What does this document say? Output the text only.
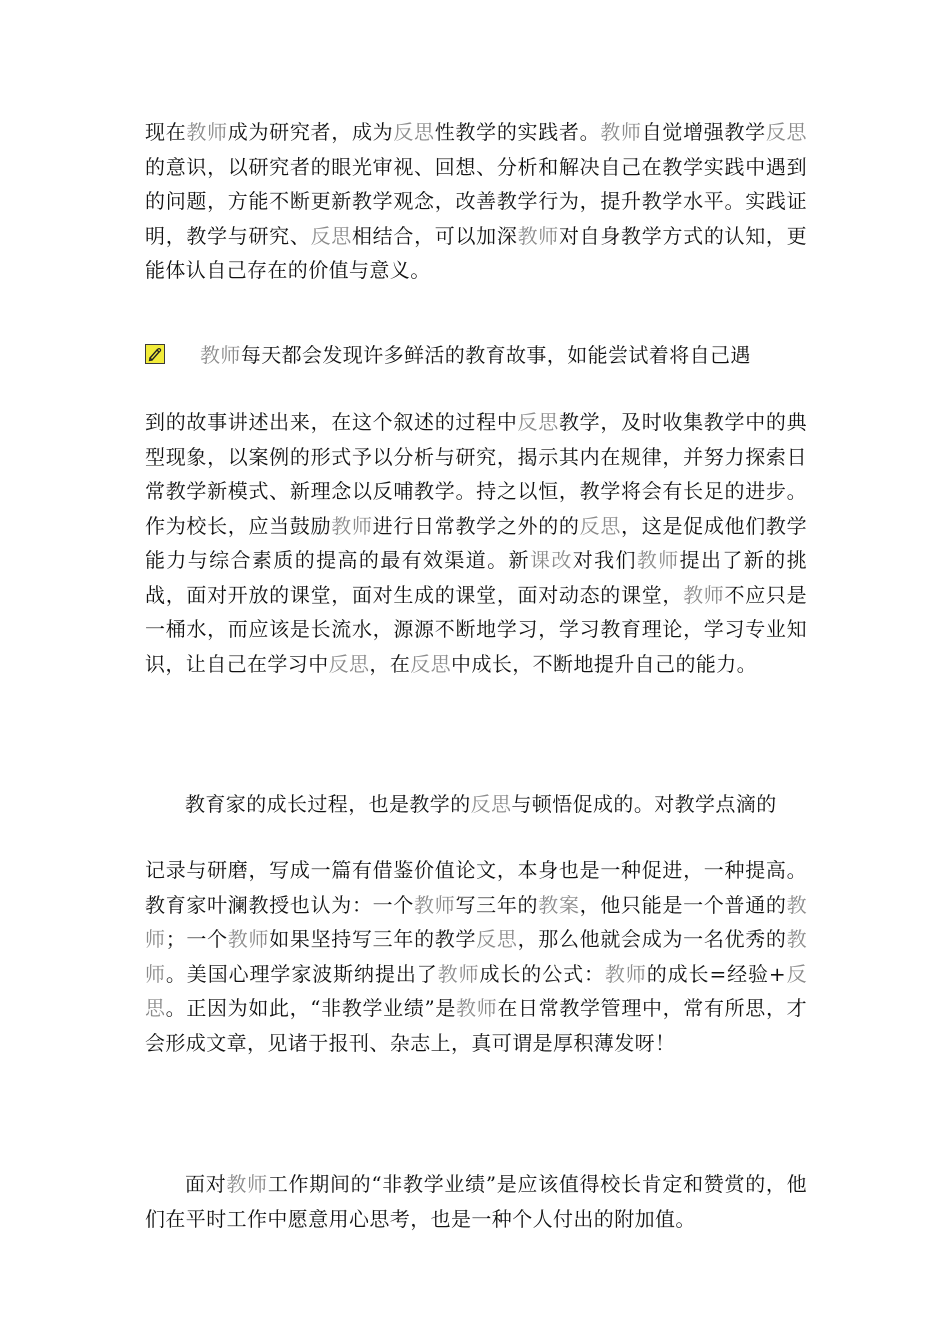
现在教师成为研究者，成为反思性教学的实践者。教师自觉增强教学反思的意识，以研究者的眼光审视、回想、分析和解决自己在教学实践中遇到的问题，方能不断更新教学观念，改善教学行为，提升教学水平。实践证明，教学与研究、反思相结合，可以加深教师对自身教学方式的认知，更能体认自己存在的价值与意义。
教师每天都会发现许多鲜活的教育故事，如能尝试着将自己遇
到的故事讲述出来，在这个叙述的过程中反思教学，及时收集教学中的典型现象，以案例的形式予以分析与研究，揭示其内在规律，并努力探索日常教学新模式、新理念以反哺教学。持之以恒，教学将会有长足的进步。作为校长，应当鼓励教师进行日常教学之外的的反思，这是促成他们教学能力与综合素质的提高的最有效渠道。新课改对我们教师提出了新的挑战，面对开放的课堂，面对生成的课堂，面对动态的课堂，教师不应只是一桶水，而应该是长流水，源源不断地学习，学习教育理论，学习专业知识，让自己在学习中反思，在反思中成长，不断地提升自己的能力。
教育家的成长过程，也是教学的反思与顿悟促成的。对教学点滴的
记录与研磨，写成一篇有借鉴价值论文，本身也是一种促进，一种提高。教育家叶澜教授也认为：一个教师写三年的教案，他只能是一个普通的教师；一个教师如果坚持写三年的教学反思，那么他就会成为一名优秀的教师。美国心理学家波斯纳提出了教师成长的公式：教师的成长=经验+反思。正因为如此，“非教学业绩”是教师在日常教学管理中，常有所思，才会形成文章，见诸于报刊、杂志上，真可谓是厚积薄发呀！
面对教师工作期间的“非教学业绩”是应该值得校长肯定和赞赏的，他们在平时工作中愿意用心思考，也是一种个人付出的附加值。
